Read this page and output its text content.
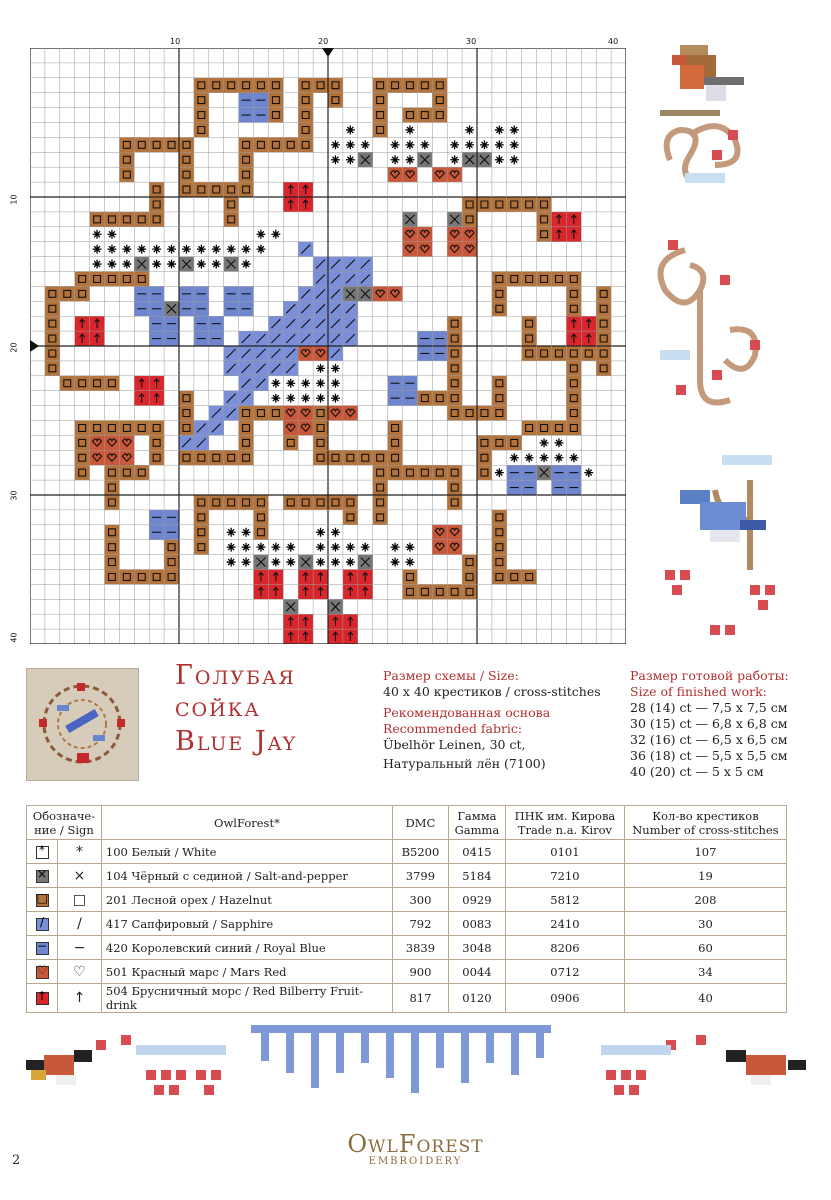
10	20	30	40
10
20
30
40
Голубая
сойка
Blue Jay
Размер схемы / Size:
40 x 40 крестиков / cross-stitches
Рекомендованная основа
Recommended fabric:
Übelhör Leinen, 30 ct,
Натуральный лён (7100)
Размер готовой работы:
Size of finished work:
28 (14) ct — 7,5 x 7,5 см
30 (15) ct — 6,8 x 6,8 см
32 (16) ct — 6,5 x 6,5 см
36 (18) ct — 5,5 x 5,5 см
40 (20) ct — 5 x 5 см
Обозначе-ние / Sign		OwlForest*	DMC	Гамма Gamma	ПНК им. Кирова Trade n.a. Kirov	Кол-во крестиков Number of cross-stitches

*	*	100 Белый / White	B5200	0415	0101	107

×	×	104 Чёрный с сединой / Salt-and-pepper	3799	5184	7210	19

□	□	201 Лесной орех / Hazelnut	300	0929	5812	208

/	/	417 Сапфировый / Sapphire	792	0083	2410	30

−	−	420 Королевский синий / Royal Blue	3839	3048	8206	60

♡	♡	501 Красный марс / Mars Red	900	0044	0712	34

↑	↑	504 Брусничный морс / Red Bilberry Fruit-drink	817	0120	0906	40
OwlForest
EMBROIDERY
2
